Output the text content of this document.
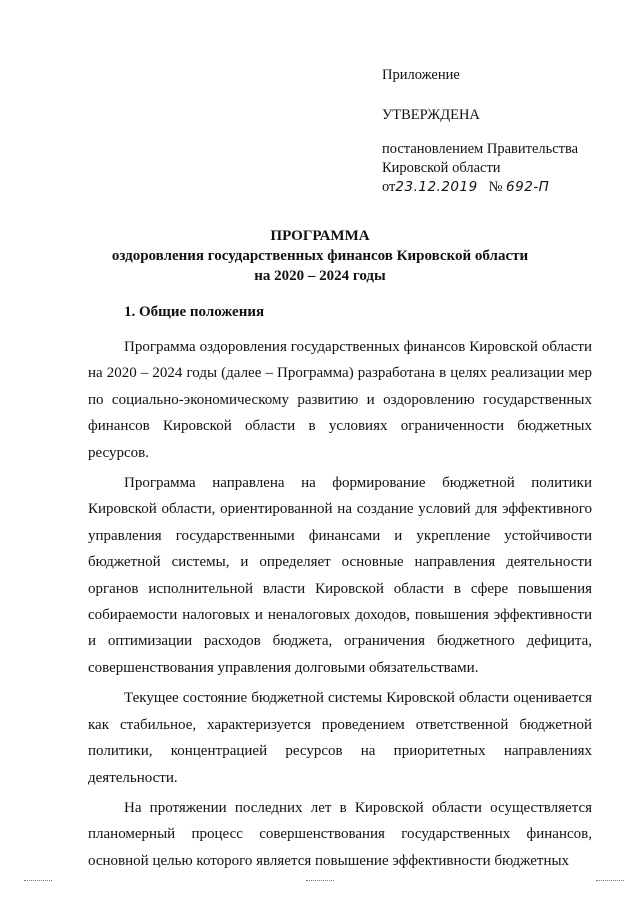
Приложение
УТВЕРЖДЕНА
постановлением Правительства
Кировской области
от23.12.2019 № 692-П
ПРОГРАММА
оздоровления государственных финансов Кировской области
на 2020 – 2024 годы
1. Общие положения

Программа оздоровления государственных финансов Кировской области на 2020 – 2024 годы (далее – Программа) разработана в целях реализации мер по социально-экономическому развитию и оздоровлению государственных финансов Кировской области в условиях ограниченности бюджетных ресурсов.

Программа направлена на формирование бюджетной политики Кировской области, ориентированной на создание условий для эффективного управления государственными финансами и укрепление устойчивости бюджетной системы, и определяет основные направления деятельности органов исполнительной власти Кировской области в сфере повышения собираемости налоговых и неналоговых доходов, повышения эффективности и оптимизации расходов бюджета, ограничения бюджетного дефицита, совершенствования управления долговыми обязательствами.

Текущее состояние бюджетной системы Кировской области оценивается как стабильное, характеризуется проведением ответственной бюджетной политики, концентрацией ресурсов на приоритетных направлениях деятельности.

На протяжении последних лет в Кировской области осуществляется планомерный процесс совершенствования государственных финансов, основной целью которого является повышение эффективности бюджетных
